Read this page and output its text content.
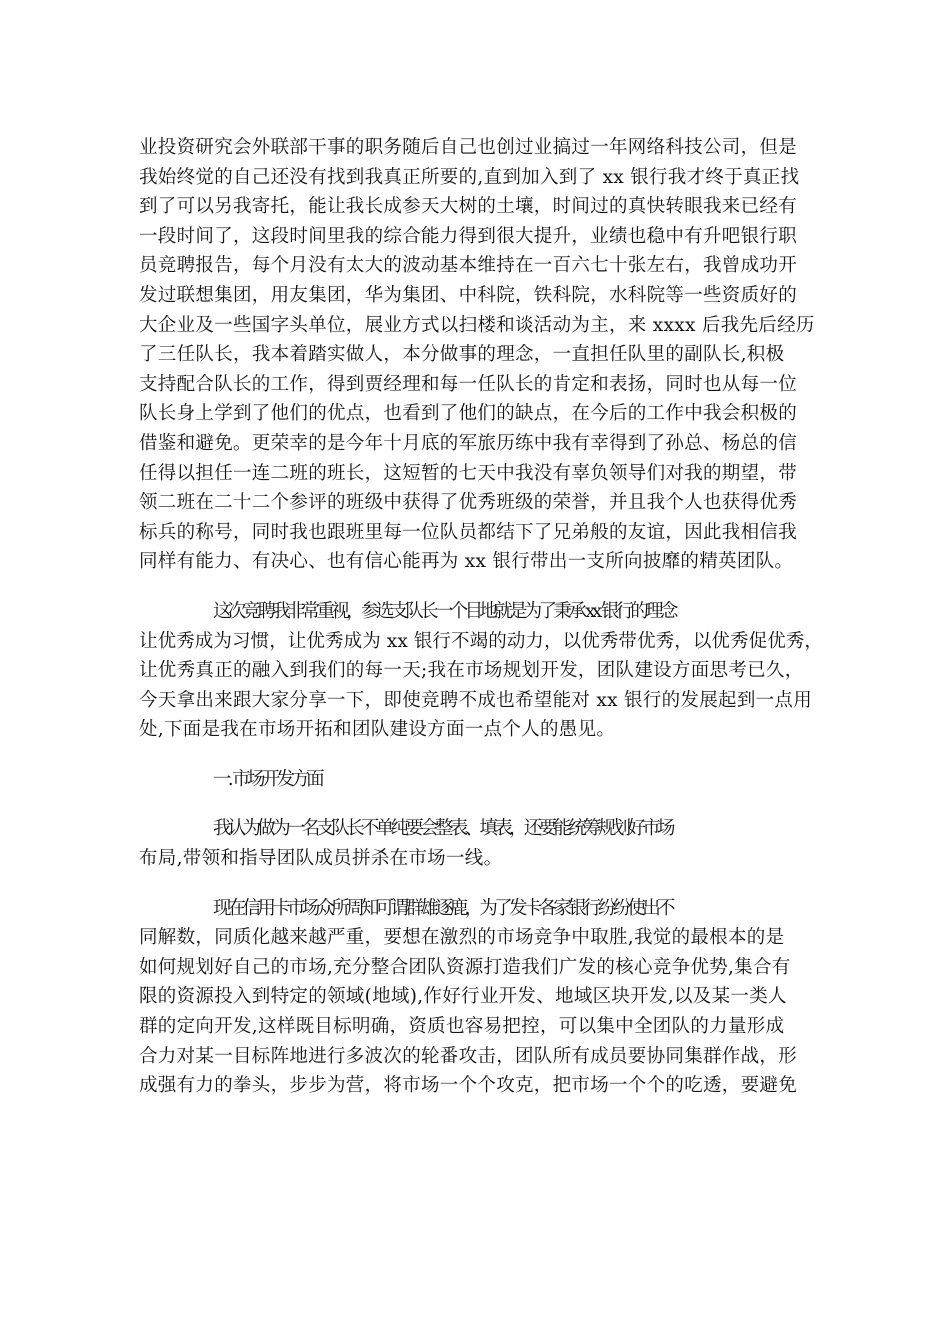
业投资研究会外联部干事的职务随后自己也创过业搞过一年网络科技公司，但是
我始终觉的自己还没有找到我真正所要的,直到加入到了 xx 银行我才终于真正找
到了可以另我寄托，能让我长成参天大树的土壤，时间过的真快转眼我来已经有
一段时间了，这段时间里我的综合能力得到很大提升，业绩也稳中有升吧银行职
员竞聘报告，每个月没有太大的波动基本维持在一百六七十张左右，我曾成功开
发过联想集团，用友集团，华为集团、中科院，铁科院，水科院等一些资质好的
大企业及一些国字头单位，展业方式以扫楼和谈活动为主，来 xxxx 后我先后经历
了三任队长，我本着踏实做人，本分做事的理念，一直担任队里的副队长,积极
支持配合队长的工作，得到贾经理和每一任队长的肯定和表扬，同时也从每一位
队长身上学到了他们的优点，也看到了他们的缺点，在今后的工作中我会积极的
借鉴和避免。更荣幸的是今年十月底的军旅历练中我有幸得到了孙总、杨总的信
任得以担任一连二班的班长，这短暂的七天中我没有辜负领导们对我的期望，带
领二班在二十二个参评的班级中获得了优秀班级的荣誉，并且我个人也获得优秀
标兵的称号，同时我也跟班里每一位队员都结下了兄弟般的友谊，因此我相信我
同样有能力、有决心、也有信心能再为 xx 银行带出一支所向披靡的精英团队。
这次竞聘我非常重视，参选支队长一个目地就是为了秉承 xx 银行的理念
让优秀成为习惯，让优秀成为 xx 银行不竭的动力，以优秀带优秀，以优秀促优秀，
让优秀真正的融入到我们的每一天;我在市场规划开发，团队建设方面思考已久，
今天拿出来跟大家分享一下，即使竞聘不成也希望能对 xx 银行的发展起到一点用
处,下面是我在市场开拓和团队建设方面一点个人的愚见。
一. 市场开发方面
我认为做为一名支队长不单纯要会整表、填表，还要能统筹规划好市场
布局,带领和指导团队成员拼杀在市场一线。
现在信用卡市场众所周知可谓群雄逐鹿，为了发卡各家银行纷纷使出不
同解数，同质化越来越严重，要想在激烈的市场竞争中取胜,我觉的最根本的是
如何规划好自己的市场,充分整合团队资源打造我们广发的核心竞争优势,集合有
限的资源投入到特定的领域(地域),作好行业开发、地域区块开发,以及某一类人
群的定向开发,这样既目标明确，资质也容易把控，可以集中全团队的力量形成
合力对某一目标阵地进行多波次的轮番攻击，团队所有成员要协同集群作战，形
成强有力的拳头，步步为营，将市场一个个攻克，把市场一个个的吃透，要避免
